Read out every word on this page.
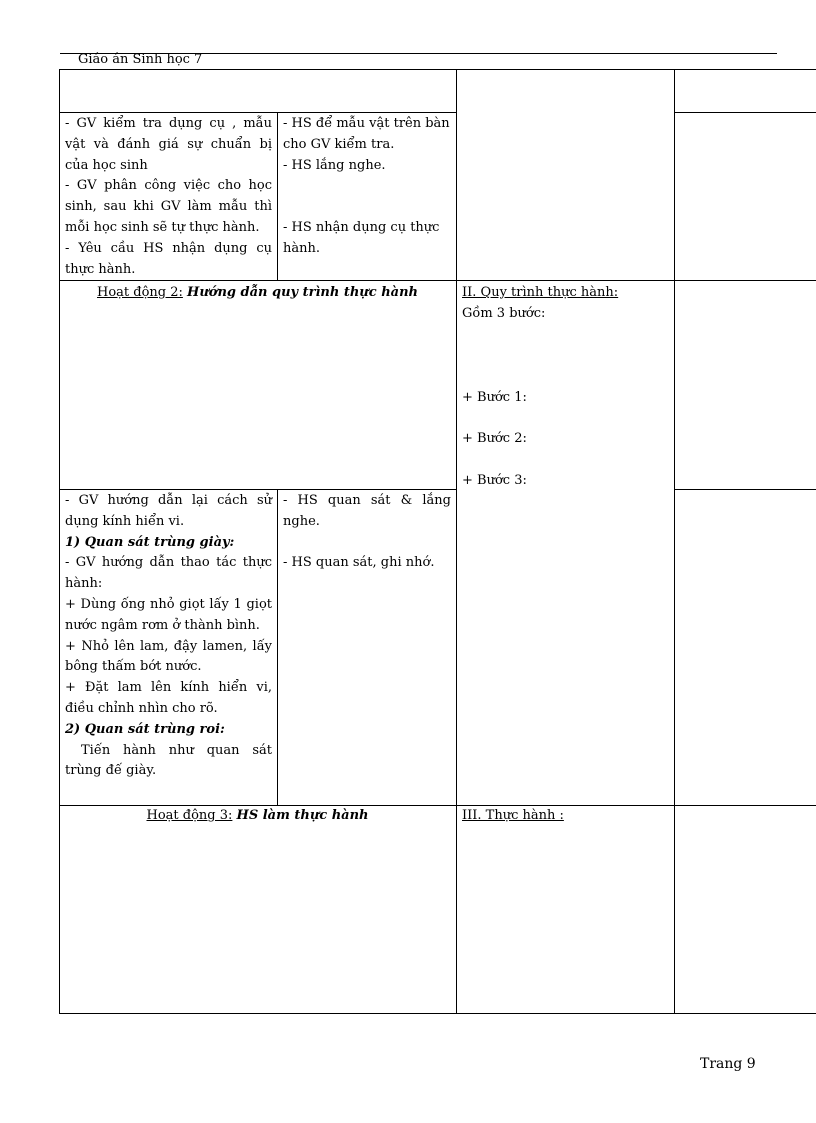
Giáo án Sinh học 7

- GV kiểm tra dụng cụ , mẫu vật và đánh giá sự chuẩn bị của học sinh

- GV phân công việc cho học sinh, sau khi GV làm mẫu thì mỗi học sinh sẽ tự thực hành.

- Yêu cầu HS nhận dụng cụ thực hành.

- HS để mẫu vật trên bàn cho GV kiểm tra.

- HS lắng nghe.

- HS nhận dụng cụ thực hành.

Hoạt động 2: Hướng dẫn quy trình thực hành	II. Quy trình thực hành:

Gồm 3 bước:

+ Bước 1:

+ Bước 2:

+ Bước 3:

- GV hướng dẫn lại cách sử dụng kính hiển vi.

1) Quan sát trùng giày:

- GV hướng dẫn thao tác thực hành:

+ Dùng ống nhỏ giọt lấy 1 giọt nước ngâm rơm ở thành bình.

+ Nhỏ lên lam, đậy lamen, lấy bông thấm bớt nước.

+ Đặt lam lên kính hiển vi, điều chỉnh nhìn cho rõ.

2) Quan sát trùng roi:

Tiến hành như quan sát trùng đế giày.

- HS quan sát & lắng nghe.

- HS quan sát, ghi nhớ.

Hoạt động 3: HS làm thực hành	III. Thực hành :

Trang 9
